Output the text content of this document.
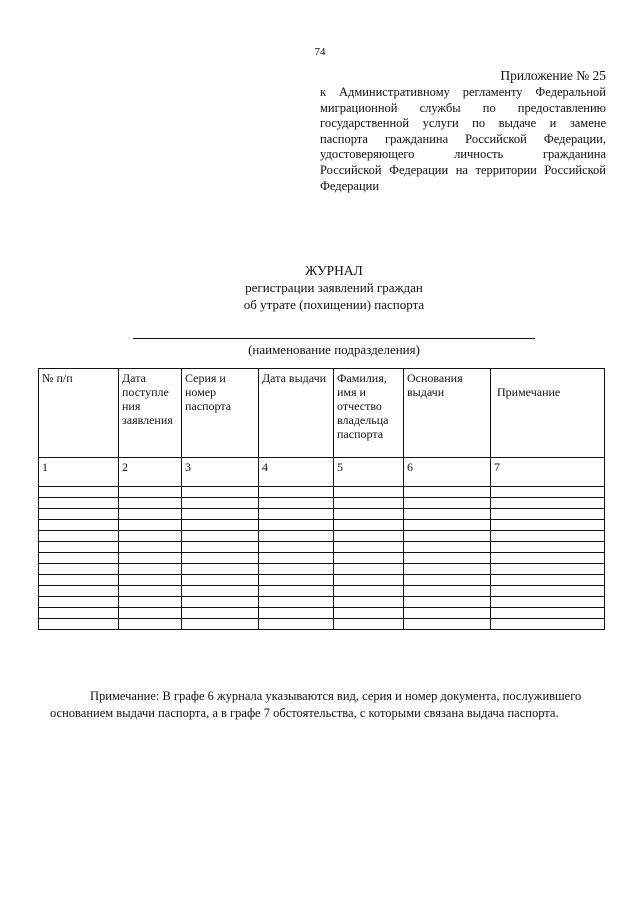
74
Приложение № 25
к Административному регламенту Федеральной
миграционной службы по предоставлению
государственной услуги по выдаче и замене
паспорта гражданина Российской Федерации,
удостоверяющего личность гражданина
Российской Федерации на территории Российской
Федерации
ЖУРНАЛ
регистрации заявлений граждан
об утрате (похищении) паспорта
(наименование подразделения)
№ п/п	Дата поступле ния заявления	Серия и номер паспорта	Дата выдачи	Фамилия, имя и отчество владельца паспорта	Основания выдачи	Примечание
1	2	3	4	5	6	7

Примечание: В графе 6 журнала указываются вид, серия и номер документа, послужившего
основанием выдачи паспорта, а в графе 7 обстоятельства, с которыми связана выдача паспорта.
